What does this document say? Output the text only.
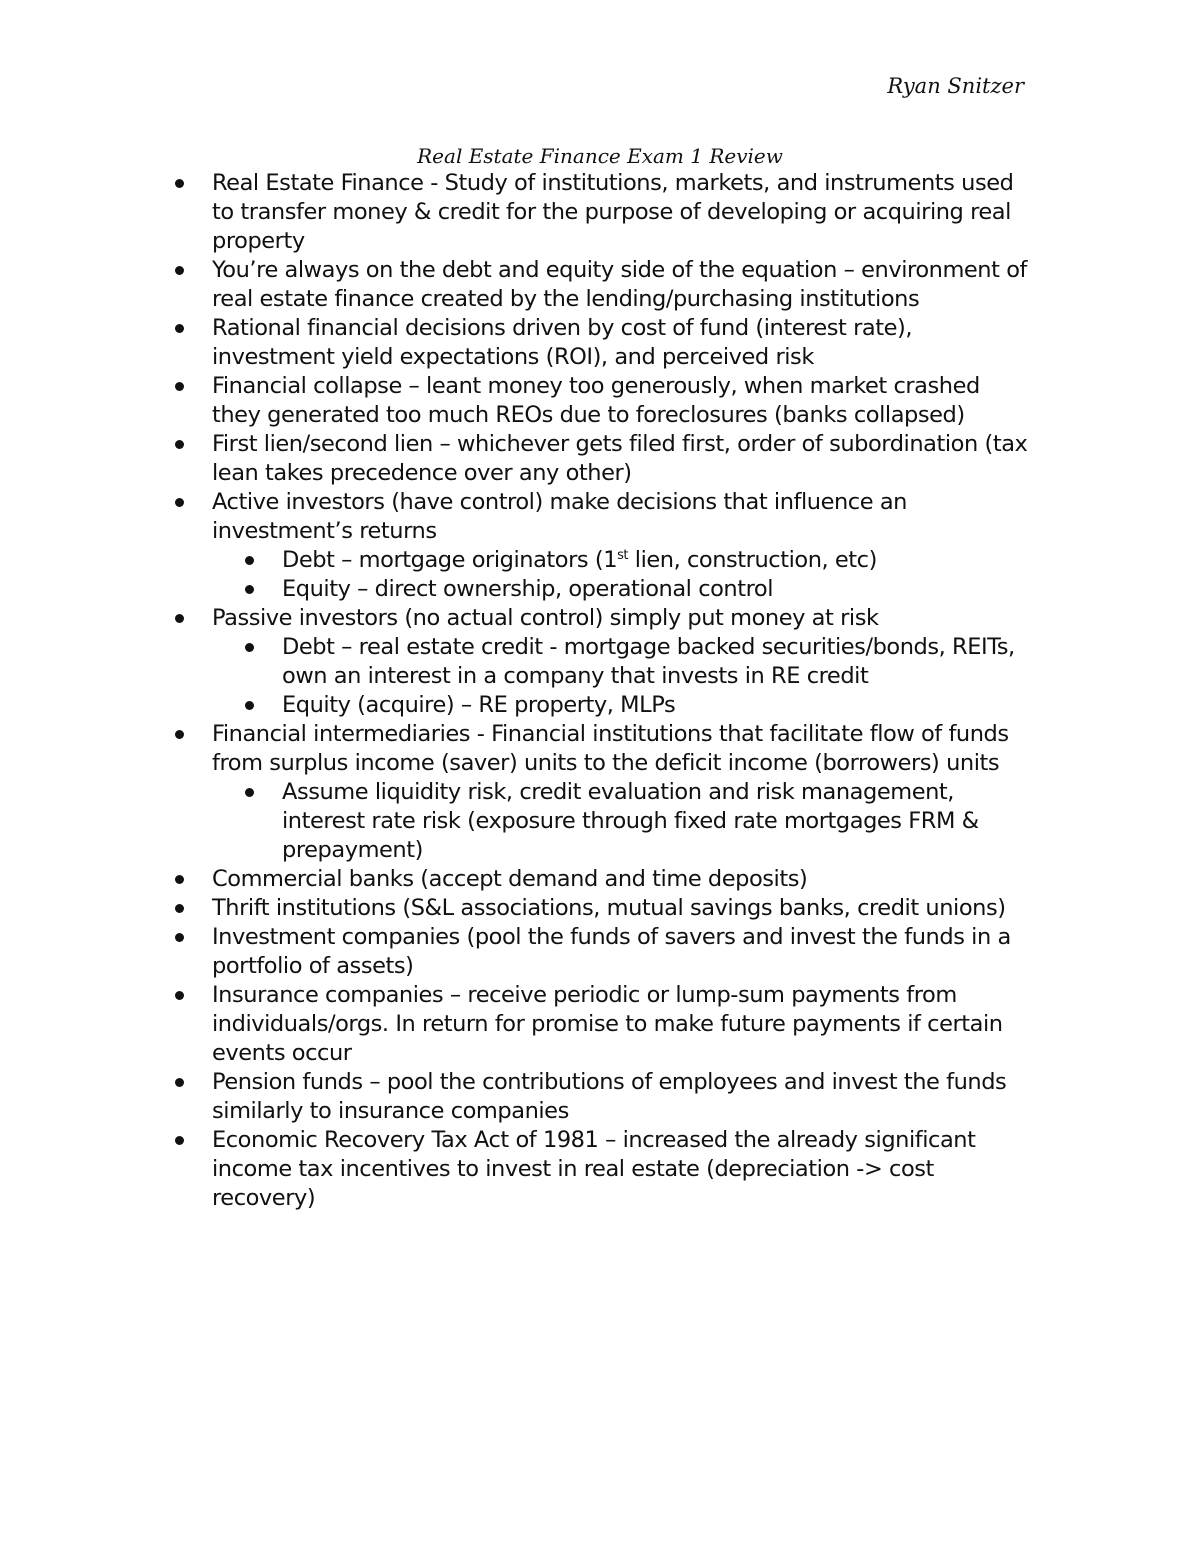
Ryan Snitzer
Real Estate Finance Exam 1 Review
Real Estate Finance - Study of institutions, markets, and instruments used to transfer money & credit for the purpose of developing or acquiring real property
You’re always on the debt and equity side of the equation – environment of real estate finance created by the lending/purchasing institutions
Rational financial decisions driven by cost of fund (interest rate), investment yield expectations (ROI), and perceived risk
Financial collapse – leant money too generously, when market crashed they generated too much REOs due to foreclosures (banks collapsed)
First lien/second lien – whichever gets filed first, order of subordination (tax lean takes precedence over any other)
Active investors (have control) make decisions that influence an investment’s returns
Debt – mortgage originators (1st lien, construction, etc)
Equity – direct ownership, operational control
Passive investors (no actual control) simply put money at risk
Debt – real estate credit - mortgage backed securities/bonds, REITs, own an interest in a company that invests in RE credit
Equity (acquire) – RE property, MLPs
Financial intermediaries - Financial institutions that facilitate flow of funds from surplus income (saver) units to the deficit income (borrowers) units
Assume liquidity risk, credit evaluation and risk management, interest rate risk (exposure through fixed rate mortgages FRM & prepayment)
Commercial banks (accept demand and time deposits)
Thrift institutions (S&L associations, mutual savings banks, credit unions)
Investment companies (pool the funds of savers and invest the funds in a portfolio of assets)
Insurance companies – receive periodic or lump-sum payments from individuals/orgs. In return for promise to make future payments if certain events occur
Pension funds – pool the contributions of employees and invest the funds similarly to insurance companies
Economic Recovery Tax Act of 1981 – increased the already significant income tax incentives to invest in real estate (depreciation -> cost recovery)
